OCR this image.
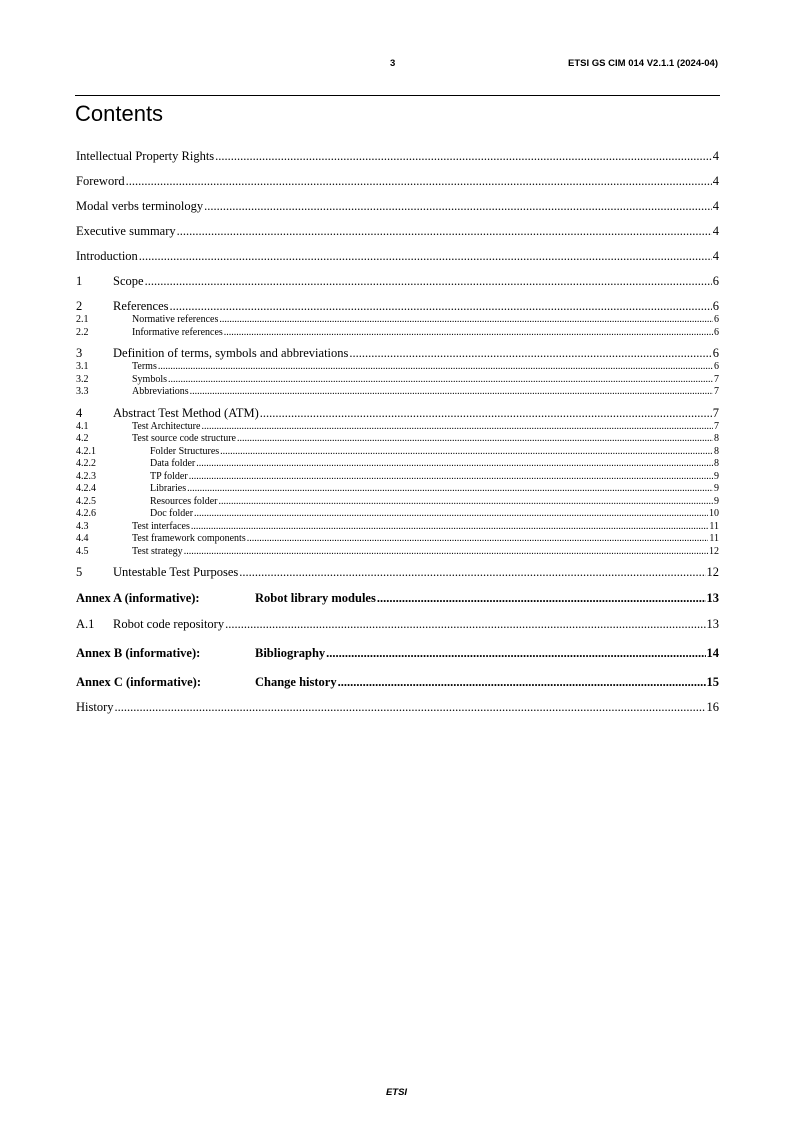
3	ETSI GS CIM 014 V2.1.1 (2024-04)
Contents
Intellectual Property Rights .....	4
Foreword .....	4
Modal verbs terminology .....	4
Executive summary .....	4
Introduction .....	4
1	Scope .....	6
2	References .....	6
2.1	Normative references .....	6
2.2	Informative references .....	6
3	Definition of terms, symbols and abbreviations .....	6
3.1	Terms .....	6
3.2	Symbols .....	7
3.3	Abbreviations .....	7
4	Abstract Test Method (ATM) .....	7
4.1	Test Architecture .....	7
4.2	Test source code structure .....	8
4.2.1	Folder Structures .....	8
4.2.2	Data folder .....	8
4.2.3	TP folder .....	9
4.2.4	Libraries .....	9
4.2.5	Resources folder .....	9
4.2.6	Doc folder .....	10
4.3	Test interfaces .....	11
4.4	Test framework components .....	11
4.5	Test strategy .....	12
5	Untestable Test Purposes .....	12
Annex A (informative):	Robot library modules .....	13
A.1	Robot code repository .....	13
Annex B (informative):	Bibliography .....	14
Annex C (informative):	Change history .....	15
History .....	16
ETSI
